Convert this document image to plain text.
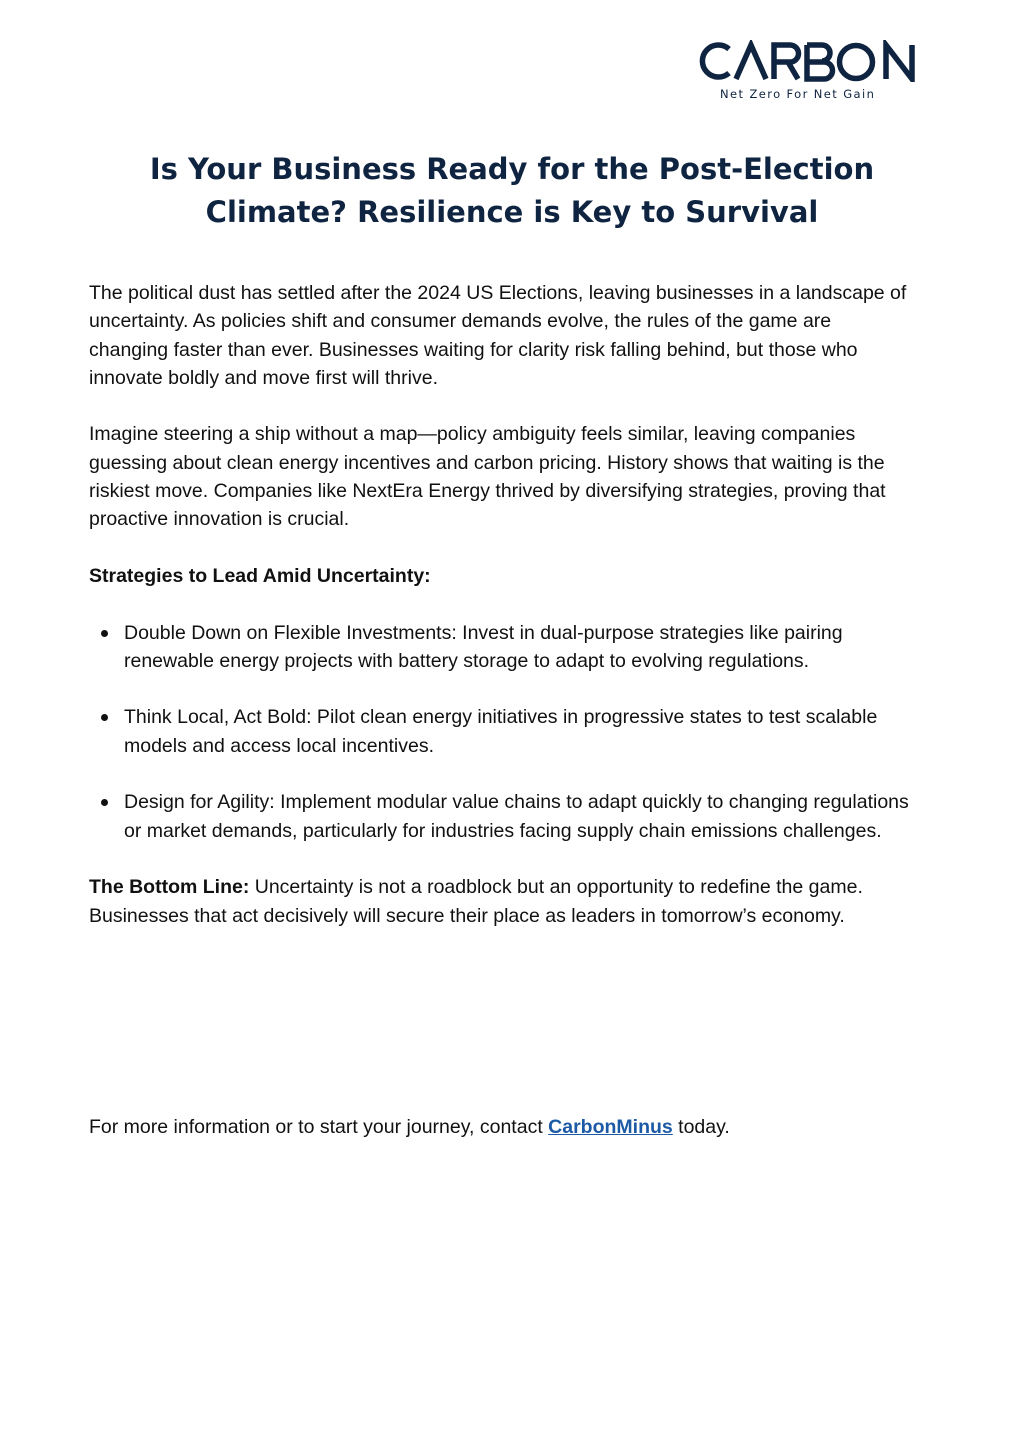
Net Zero For Net Gain
Is Your Business Ready for the Post-Election Climate? Resilience is Key to Survival

The political dust has settled after the 2024 US Elections, leaving businesses in a landscape of uncertainty. As policies shift and consumer demands evolve, the rules of the game are changing faster than ever. Businesses waiting for clarity risk falling behind, but those who innovate boldly and move first will thrive.

Imagine steering a ship without a map—policy ambiguity feels similar, leaving companies guessing about clean energy incentives and carbon pricing. History shows that waiting is the riskiest move. Companies like NextEra Energy thrived by diversifying strategies, proving that proactive innovation is crucial.

Strategies to Lead Amid Uncertainty:

Double Down on Flexible Investments: Invest in dual-purpose strategies like pairing renewable energy projects with battery storage to adapt to evolving regulations.
Think Local, Act Bold: Pilot clean energy initiatives in progressive states to test scalable models and access local incentives.
Design for Agility: Implement modular value chains to adapt quickly to changing regulations or market demands, particularly for industries facing supply chain emissions challenges.

The Bottom Line: Uncertainty is not a roadblock but an opportunity to redefine the game. Businesses that act decisively will secure their place as leaders in tomorrow’s economy.

For more information or to start your journey, contact CarbonMinus today.
